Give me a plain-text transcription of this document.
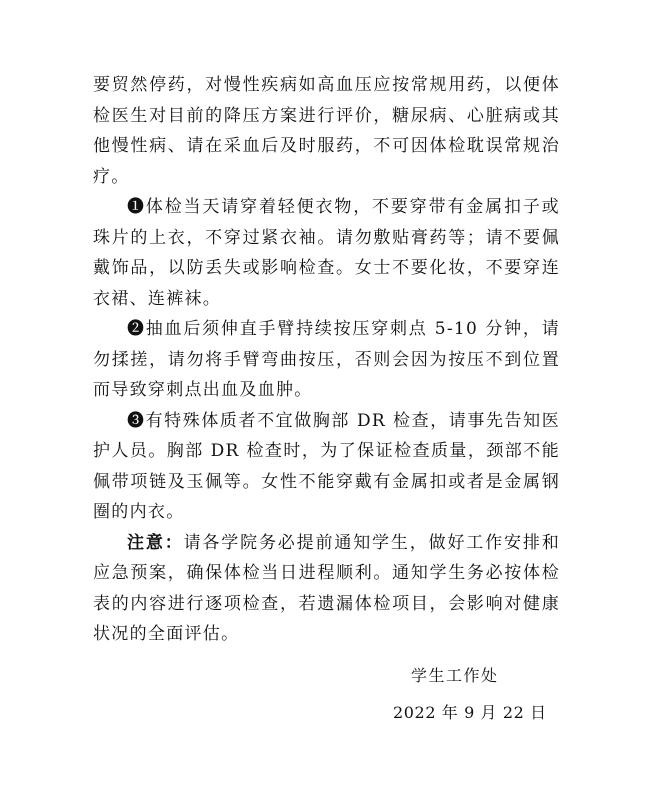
要贸然停药，对慢性疾病如高血压应按常规用药，以便体检医生对目前的降压方案进行评价，糖尿病、心脏病或其他慢性病、请在采血后及时服药，不可因体检耽误常规治疗。

❶体检当天请穿着轻便衣物，不要穿带有金属扣子或珠片的上衣，不穿过紧衣袖。请勿敷贴膏药等；请不要佩戴饰品，以防丢失或影响检查。女士不要化妆，不要穿连衣裙、连裤袜。

❷抽血后须伸直手臂持续按压穿刺点 5-10 分钟，请勿揉搓，请勿将手臂弯曲按压，否则会因为按压不到位置而导致穿刺点出血及血肿。

❸有特殊体质者不宜做胸部 DR 检查，请事先告知医护人员。胸部 DR 检查时，为了保证检查质量，颈部不能佩带项链及玉佩等。女性不能穿戴有金属扣或者是金属钢圈的内衣。

注意：请各学院务必提前通知学生，做好工作安排和应急预案，确保体检当日进程顺利。通知学生务必按体检表的内容进行逐项检查，若遗漏体检项目，会影响对健康状况的全面评估。

学生工作处
2022 年 9 月 22 日
